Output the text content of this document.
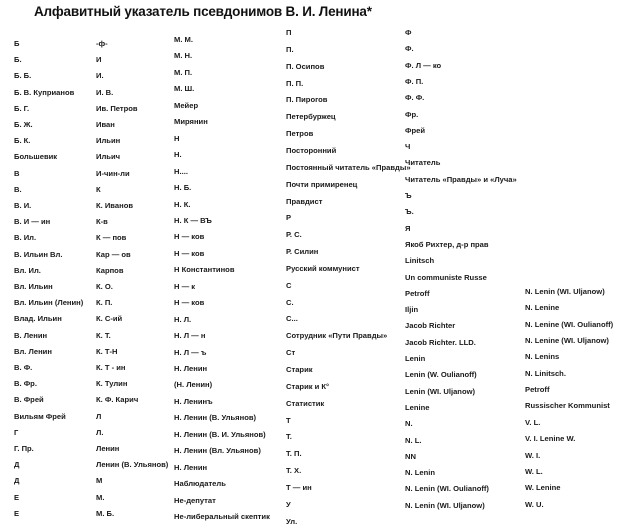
Алфавитный указатель псевдонимов В. И. Ленина*
Б
Б.
Б. Б.
Б. В. Куприанов
Б. Г.
Б. Ж.
Б. К.
Большевик
В
В.
В. И.
В. И — ин
В. Ил.
В. Ильин Вл.
Вл. Ил.
Вл. Ильин
Вл. Ильин (Ленин)
Влад. Ильин
В. Ленин
Вл. Ленин
В. Ф.
В. Фр.
В. Фрей
Вильям Фрей
Г
Г. Пр.
Д
Д
Е
Е
-ф-
И
И.
И. В.
Ив. Петров
Иван
Ильин
Ильич
И-чин-ли
К
К. Иванов
К-в
К — пов
Кар — ов
Карпов
К. О.
К. П.
К. С-ий
К. Т.
К. Т-Н
К. Т - ин
К. Тулин
К. Ф. Карич
Л
Л.
Ленин
Ленин (В. Ульянов)
М
М.
М. Б.
М. М.
М. Н.
М. П.
М. Ш.
Мейер
Мирянин
Н
Н.
Н....
Н. Б.
Н. К.
Н. К — ВЪ
Н — ков
Н — ков
Н Константинов
Н — к
Н — ков
Н. Л.
Н. Л — н
Н. Л — ъ
Н. Ленин
(Н. Ленин)
Н. Ленинъ
Н. Ленин (В. Ульянов)
Н. Ленин (В. И. Ульянов)
Н. Ленин (Вл. Ульянов)
Н. Ленин
Наблюдатель
Не-депутат
Не-либеральный скептик
П
П.
П. Осипов
П. П.
П. Пирогов
Петербуржец
Петров
Посторонний
Постоянный читатель «Правды»
Почти примиренец
Правдист
Р
Р. С.
Р. Силин
Русский коммунист
С
С.
С...
Сотрудник «Пути Правды»
Ст
Старик
Старик и К°
Статистик
Т
Т.
Т. П.
Т. Х.
Т — ин
У
Ул.
Ф
Ф.
Ф. Л — ко
Ф. П.
Ф. Ф.
Фр.
Фрей
Ч
Читатель
Читатель «Правды» и «Луча»
Ъ
Ъ.
Я
Якоб Рихтер, д-р прав
Linitsch
Un communiste Russe
Petroff
Iljin
Jacob Richter
Jacob Richter. LLD.
Lenin
Lenin (W. Oulianoff)
Lenin (WI. Uljanow)
Lenine
N.
N. L.
NN
N. Lenin
N. Lenin (WI. Oulianoff)
N. Lenin (WI. Uljanow)
N. Lenin (WI. Uljanow)
N. Lenine
N. Lenine (WI. Oulianoff)
N. Lenine (WI. Uljanow)
N. Lenins
N. Linitsch.
Petroff
Russischer Kommunist
V. L.
V. I. Lenine W.
W. I.
W. L.
W. Lenine
W. U.
